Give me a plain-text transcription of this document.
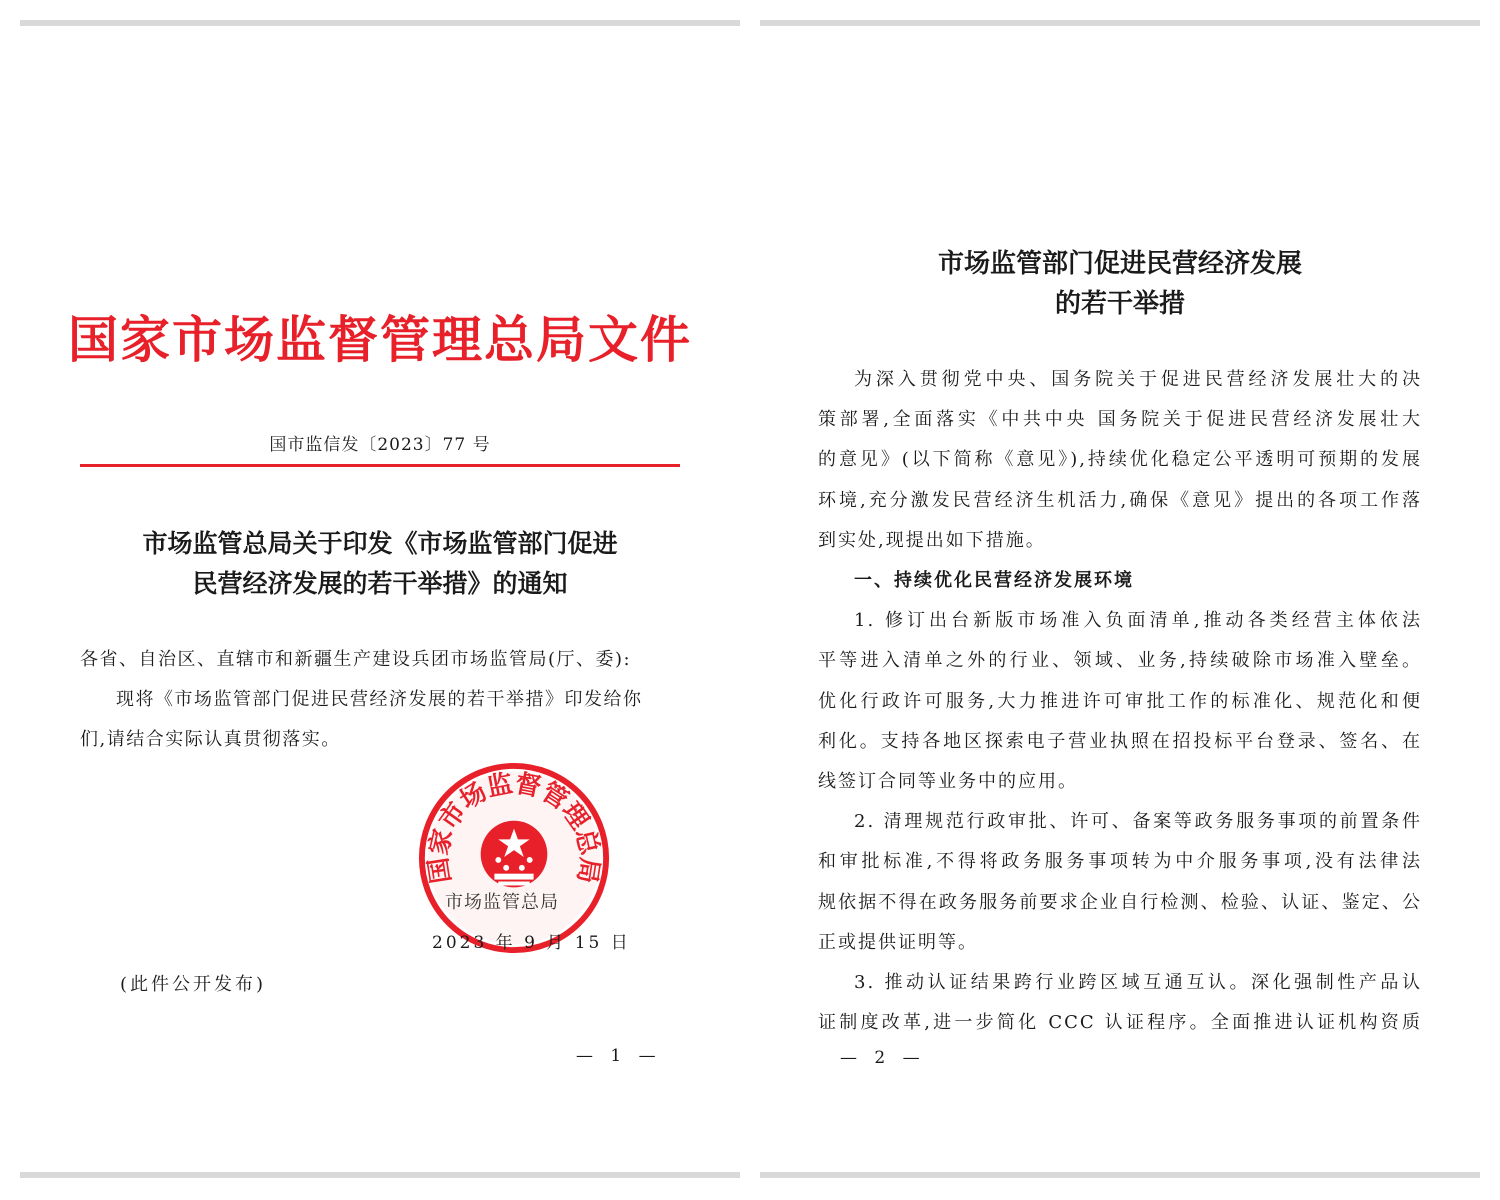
国家市场监督管理总局文件
国市监信发〔2023〕77 号
市场监管总局关于印发《市场监管部门促进
民营经济发展的若干举措》的通知
各省、自治区、直辖市和新疆生产建设兵团市场监管局(厅、委):
现将《市场监管部门促进民营经济发展的若干举措》印发给你
们,请结合实际认真贯彻落实。
国家市场监督管理总局
市场监管总局
2023 年 9 月 15 日
(此件公开发布)
— 1 —
市场监管部门促进民营经济发展
的若干举措
为深入贯彻党中央、国务院关于促进民营经济发展壮大的决
策部署,全面落实《中共中央 国务院关于促进民营经济发展壮大
的意见》(以下简称《意见》),持续优化稳定公平透明可预期的发展
环境,充分激发民营经济生机活力,确保《意见》提出的各项工作落
到实处,现提出如下措施。
一、持续优化民营经济发展环境
1. 修订出台新版市场准入负面清单,推动各类经营主体依法
平等进入清单之外的行业、领域、业务,持续破除市场准入壁垒。
优化行政许可服务,大力推进许可审批工作的标准化、规范化和便
利化。支持各地区探索电子营业执照在招投标平台登录、签名、在
线签订合同等业务中的应用。
2. 清理规范行政审批、许可、备案等政务服务事项的前置条件
和审批标准,不得将政务服务事项转为中介服务事项,没有法律法
规依据不得在政务服务前要求企业自行检测、检验、认证、鉴定、公
正或提供证明等。
3. 推动认证结果跨行业跨区域互通互认。深化强制性产品认
证制度改革,进一步简化 CCC 认证程序。全面推进认证机构资质
— 2 —
